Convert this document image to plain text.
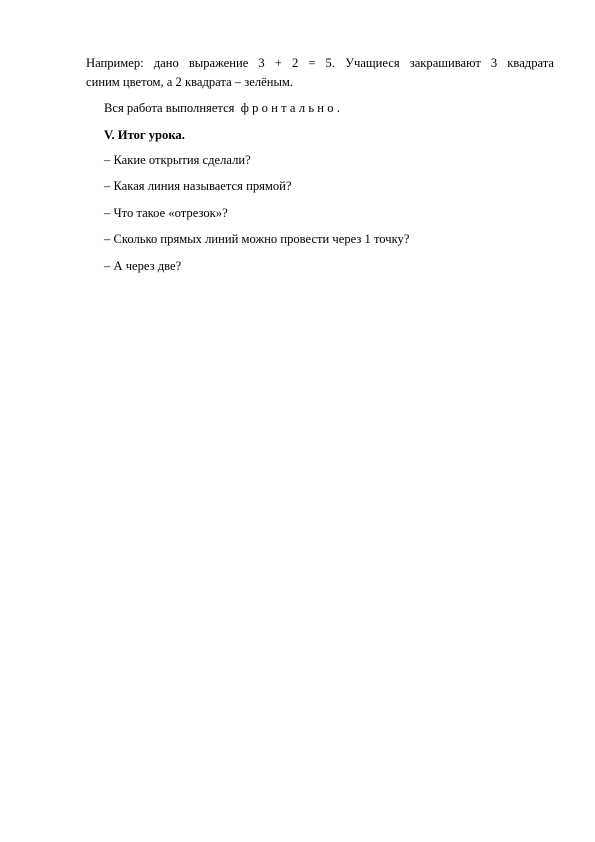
Например: дано выражение 3 + 2 = 5. Учащиеся закрашивают 3 квадрата

синим цветом, а 2 квадрата – зелёным.

Вся работа выполняется фронтально.

V. Итог урока.

– Какие открытия сделали?

– Какая линия называется прямой?

– Что такое «отрезок»?

– Сколько прямых линий можно провести через 1 точку?

– А через две?
